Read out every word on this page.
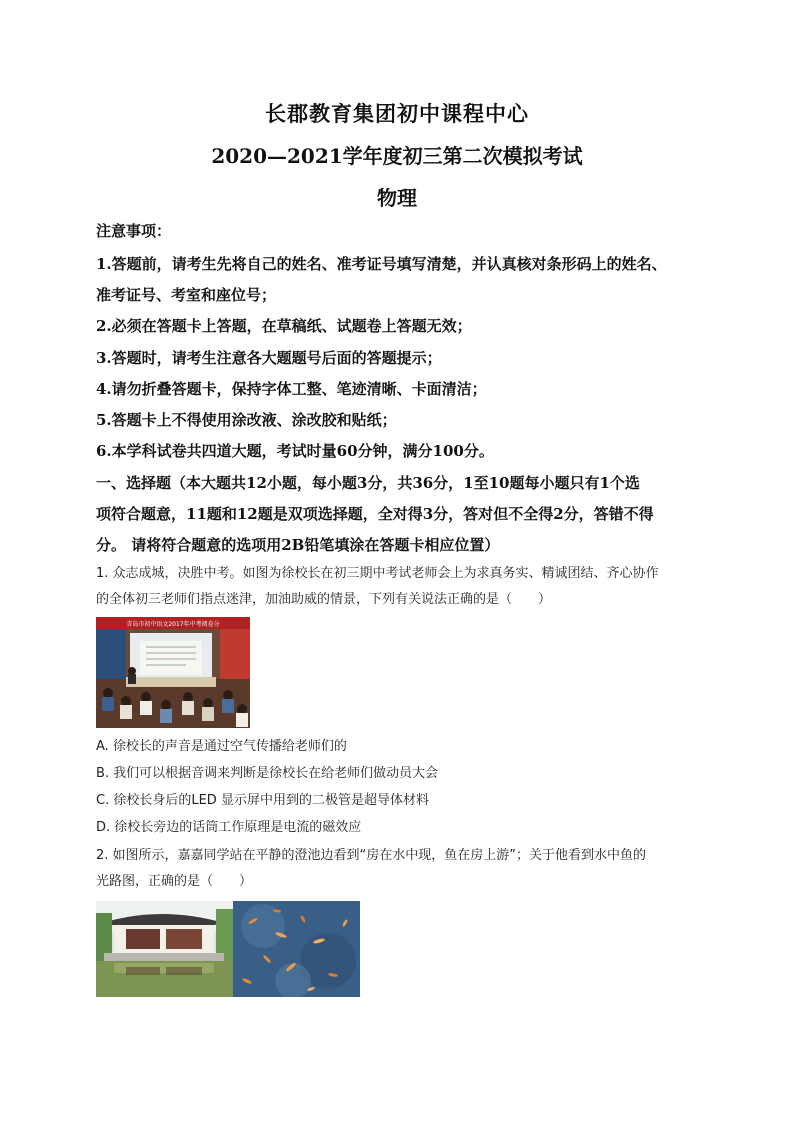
长郡教育集团初中课程中心
2020—2021学年度初三第二次模拟考试
物理
注意事项：
1.答题前，请考生先将自己的姓名、准考证号填写清楚，并认真核对条形码上的姓名、
准考证号、考室和座位号；
2.必须在答题卡上答题，在草稿纸、试题卷上答题无效；
3.答题时，请考生注意各大题题号后面的答题提示；
4.请勿折叠答题卡，保持字体工整、笔迹清晰、卡面清洁；
5.答题卡上不得使用涂改液、涂改胶和贴纸；
6.本学科试卷共四道大题，考试时量60分钟，满分100分。
一、选择题（本大题共12小题，每小题3分，共36分，1至10题每小题只有1个选
项符合题意，11题和12题是双项选择题，全对得3分，答对但不全得2分，答错不得
分。 请将符合题意的选项用2B铅笔填涂在答题卡相应位置）
1. 众志成城，决胜中考。如图为徐校长在初三期中考试老师会上为求真务实、精诚团结、齐心协作
的全体初三老师们指点迷津，加油助威的情景，下列有关说法正确的是（　　）
青岛市初中语文2017年中考阅卷分
A. 徐校长的声音是通过空气传播给老师们的
B. 我们可以根据音调来判断是徐校长在给老师们做动员大会
C. 徐校长身后的LED 显示屏中用到的二极管是超导体材料
D. 徐校长旁边的话筒工作原理是电流的磁效应
2. 如图所示，嘉嘉同学站在平静的澄池边看到“房在水中现，鱼在房上游”；关于他看到水中鱼的
光路图，正确的是（　　）
